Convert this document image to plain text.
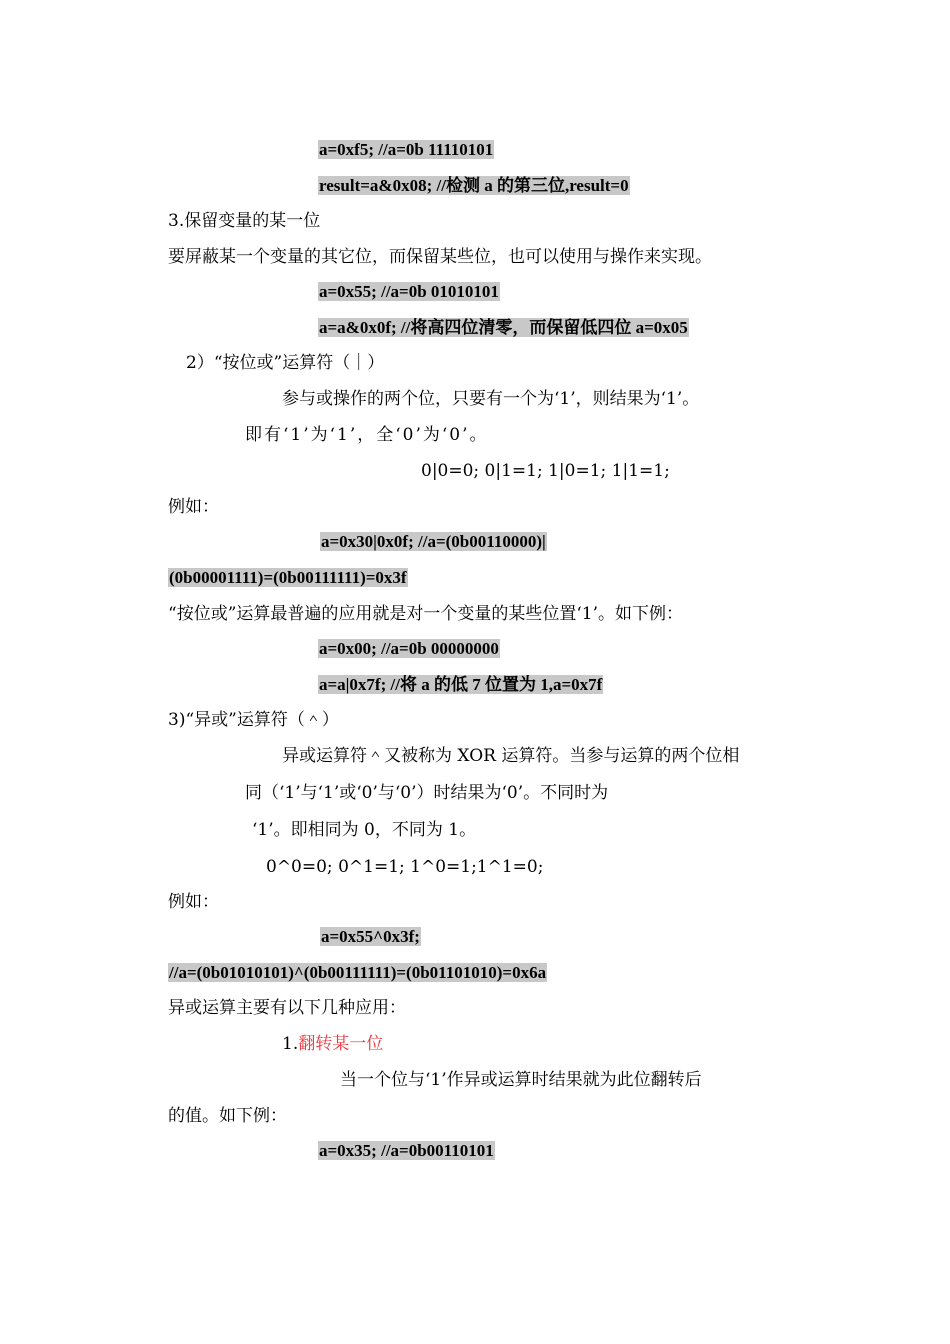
a=0xf5; //a=0b 11110101
result=a&0x08; //检测 a 的第三位,result=0
3.保留变量的某一位
要屏蔽某一个变量的其它位，而保留某些位，也可以使用与操作来实现。
a=0x55; //a=0b 01010101
a=a&0x0f; //将高四位清零，而保留低四位 a=0x05
2）“按位或”运算符（｜）
参与或操作的两个位，只要有一个为‘1’，则结果为‘1’。
即有‘1’为‘1’，全‘0’为‘0’。
0|0=0; 0|1=1; 1|0=1; 1|1=1;
例如：
a=0x30|0x0f; //a=(0b00110000)|
(0b00001111)=(0b00111111)=0x3f
“按位或”运算最普遍的应用就是对一个变量的某些位置‘1’。如下例：
a=0x00; //a=0b 00000000
a=a|0x7f; //将 a 的低 7 位置为 1,a=0x7f
3)“异或”运算符（＾）
异或运算符＾又被称为 XOR 运算符。当参与运算的两个位相
同（‘1’与‘1’或‘0’与‘0’）时结果为‘0’。不同时为
‘1’。即相同为 0，不同为 1。
0^0=0; 0^1=1; 1^0=1;1^1=0;
例如：
a=0x55^0x3f;
//a=(0b01010101)^(0b00111111)=(0b01101010)=0x6a
异或运算主要有以下几种应用：
1.翻转某一位
当一个位与‘1’作异或运算时结果就为此位翻转后
的值。如下例：
a=0x35; //a=0b00110101
